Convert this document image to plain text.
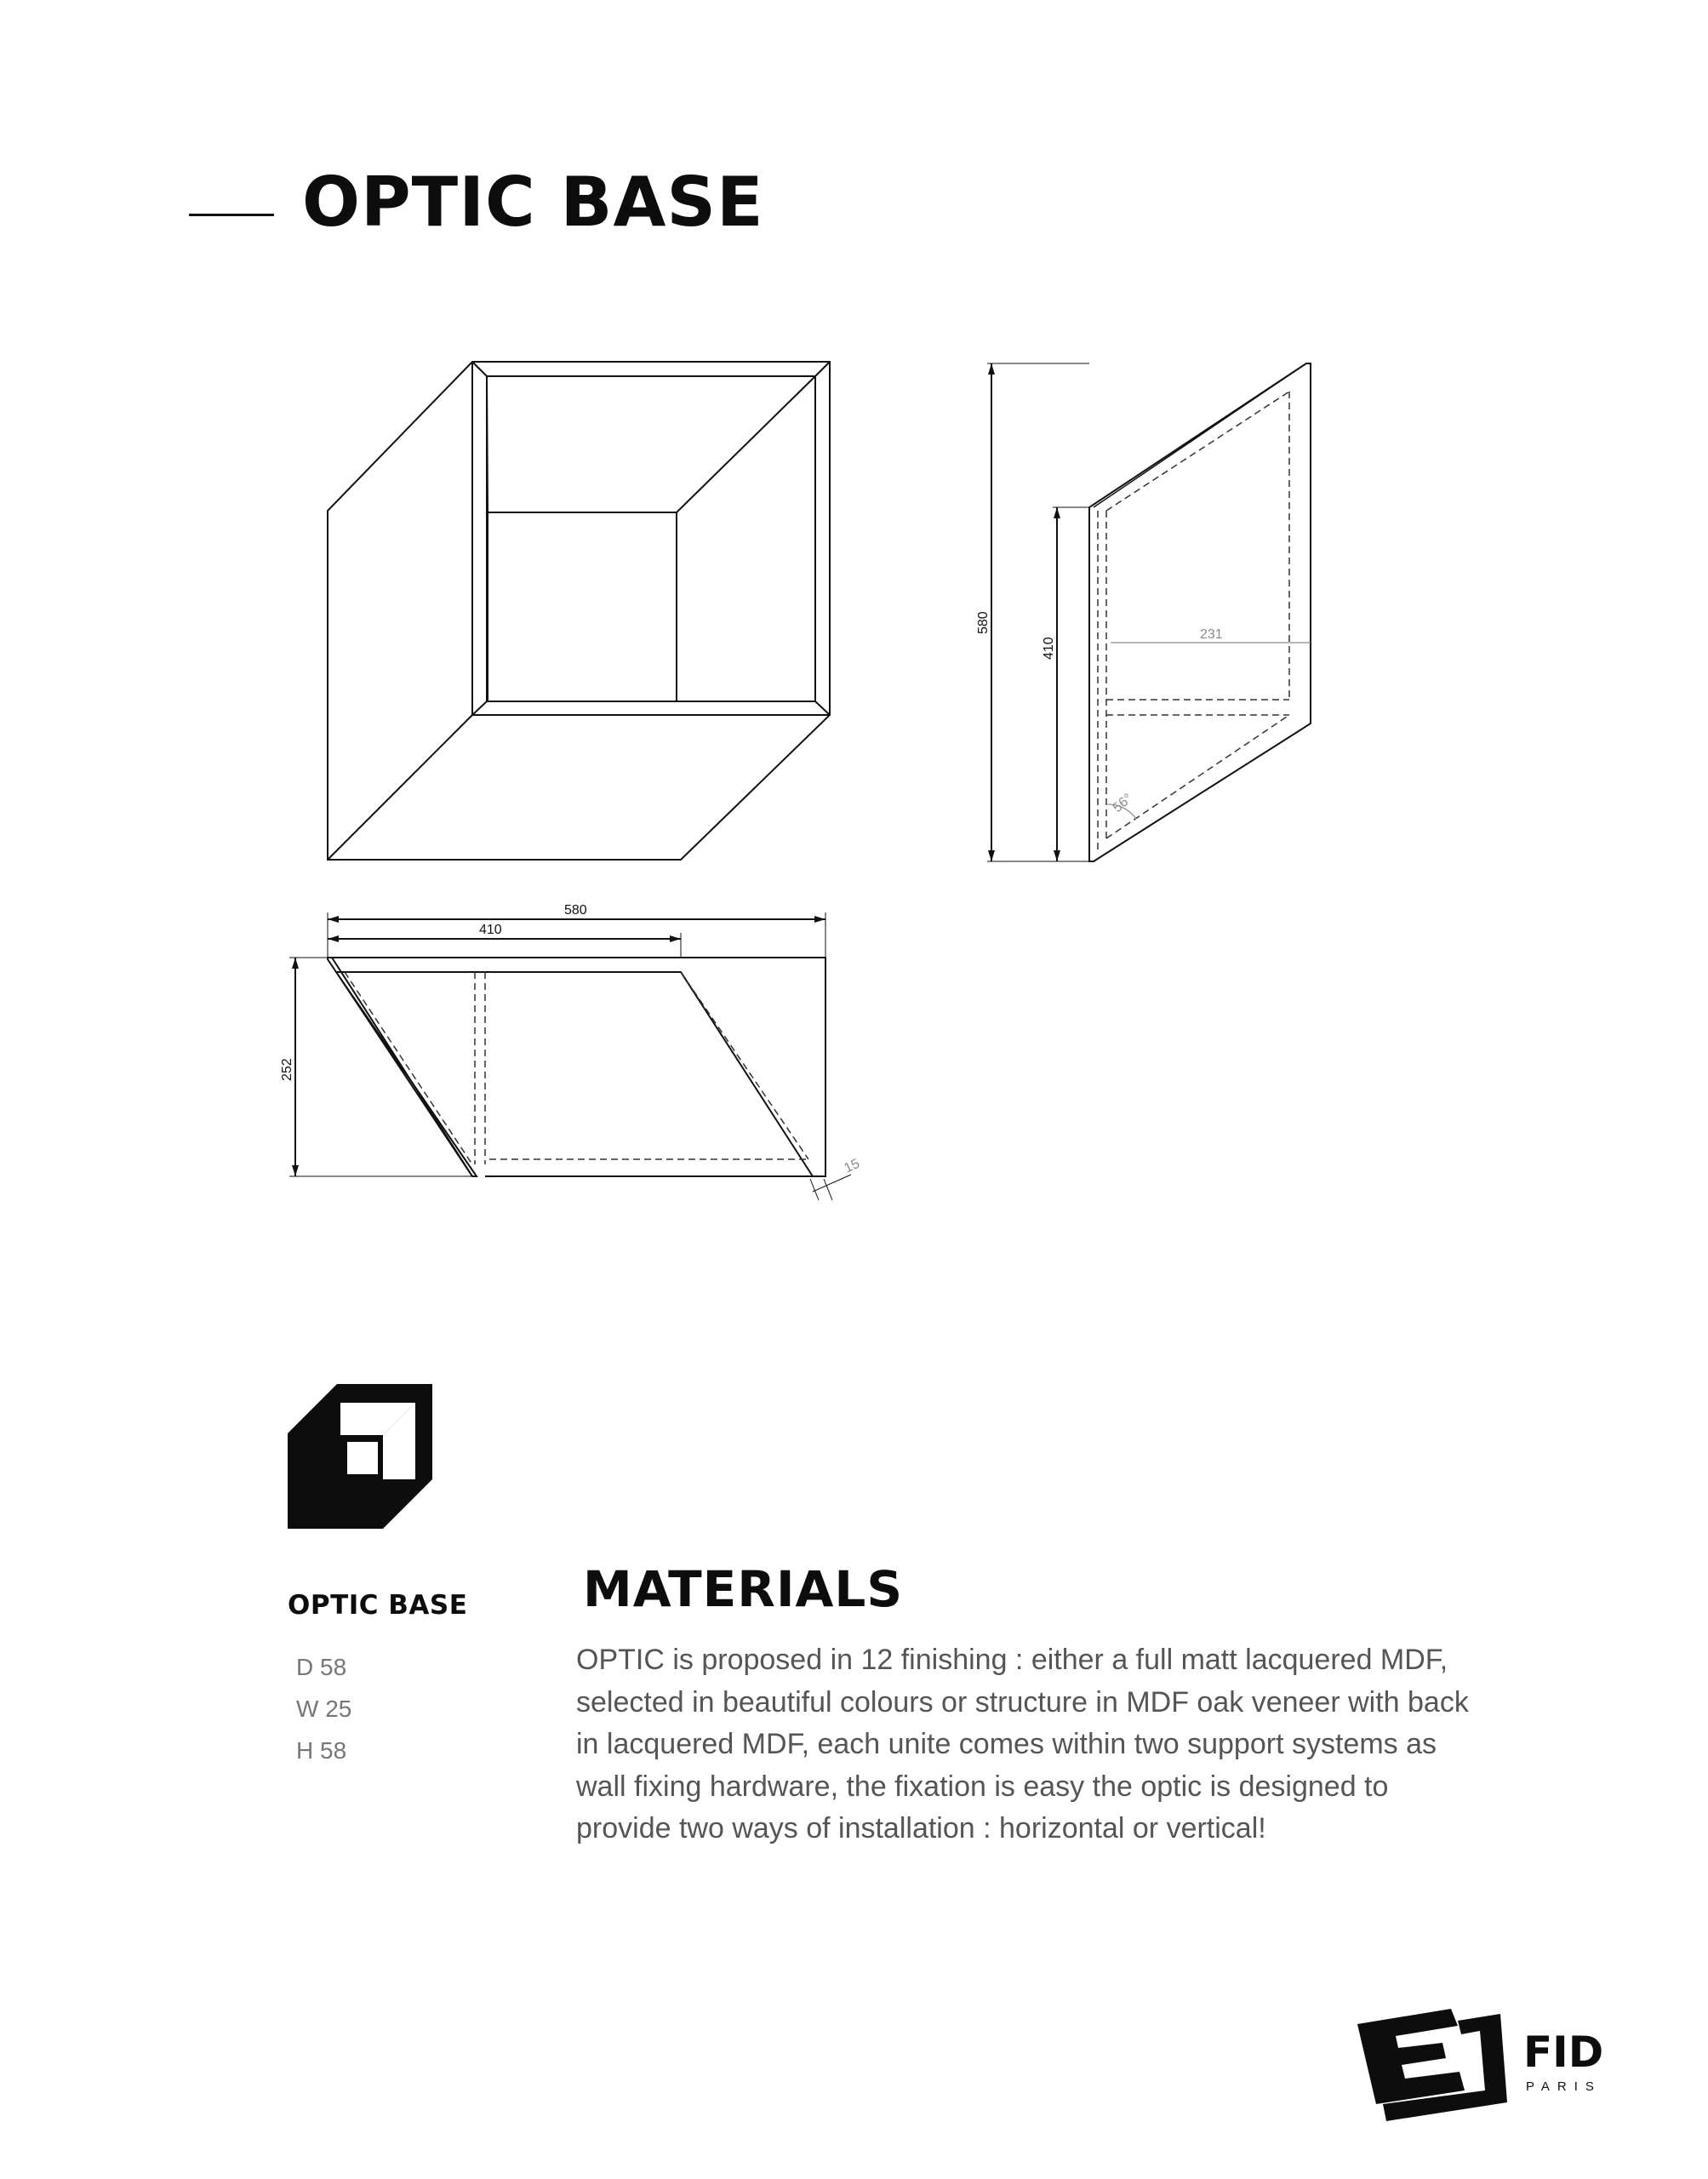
OPTIC BASE
580
410
231
56°
580
410
252
15
OPTIC BASE
D 58
W 25
H 58
MATERIALS
OPTIC is proposed in 12 finishing : either a full matt lacquered MDF,
selected in beautiful colours or structure in MDF oak veneer with back
in lacquered MDF, each unite comes within two support systems as
wall fixing hardware, the fixation is easy the optic is designed to
provide two ways of installation : horizontal or vertical!
FID
PARIS
